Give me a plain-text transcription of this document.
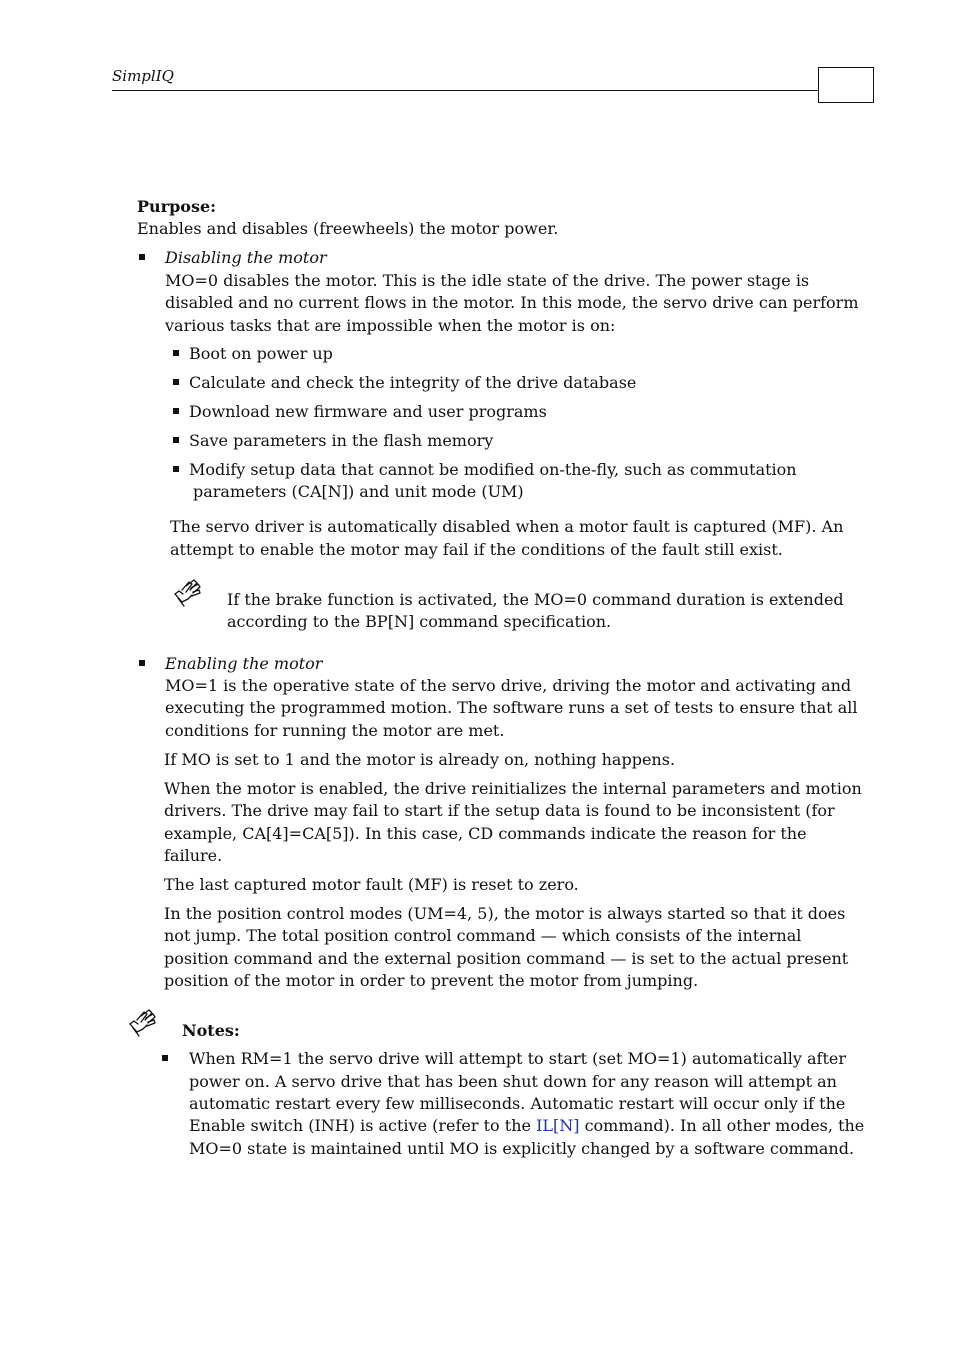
SimplIQ
Purpose:
Enables and disables (freewheels) the motor power.
Disabling the motor
MO=0 disables the motor. This is the idle state of the drive. The power stage is
disabled and no current flows in the motor. In this mode, the servo drive can perform
various tasks that are impossible when the motor is on:
Boot on power up
Calculate and check the integrity of the drive database
Download new firmware and user programs
Save parameters in the flash memory
Modify setup data that cannot be modified on-the-fly, such as commutation
parameters (CA[N]) and unit mode (UM)
The servo driver is automatically disabled when a motor fault is captured (MF). An
attempt to enable the motor may fail if the conditions of the fault still exist.
If the brake function is activated, the MO=0 command duration is extended
according to the BP[N] command specification.
Enabling the motor
MO=1 is the operative state of the servo drive, driving the motor and activating and
executing the programmed motion. The software runs a set of tests to ensure that all
conditions for running the motor are met.
If MO is set to 1 and the motor is already on, nothing happens.
When the motor is enabled, the drive reinitializes the internal parameters and motion
drivers. The drive may fail to start if the setup data is found to be inconsistent (for
example, CA[4]=CA[5]). In this case, CD commands indicate the reason for the
failure.
The last captured motor fault (MF) is reset to zero.
In the position control modes (UM=4, 5), the motor is always started so that it does
not jump. The total position control command — which consists of the internal
position command and the external position command — is set to the actual present
position of the motor in order to prevent the motor from jumping.
Notes:
When RM=1 the servo drive will attempt to start (set MO=1) automatically after
power on. A servo drive that has been shut down for any reason will attempt an
automatic restart every few milliseconds. Automatic restart will occur only if the
Enable switch (INH) is active (refer to the IL[N] command). In all other modes, the
MO=0 state is maintained until MO is explicitly changed by a software command.
